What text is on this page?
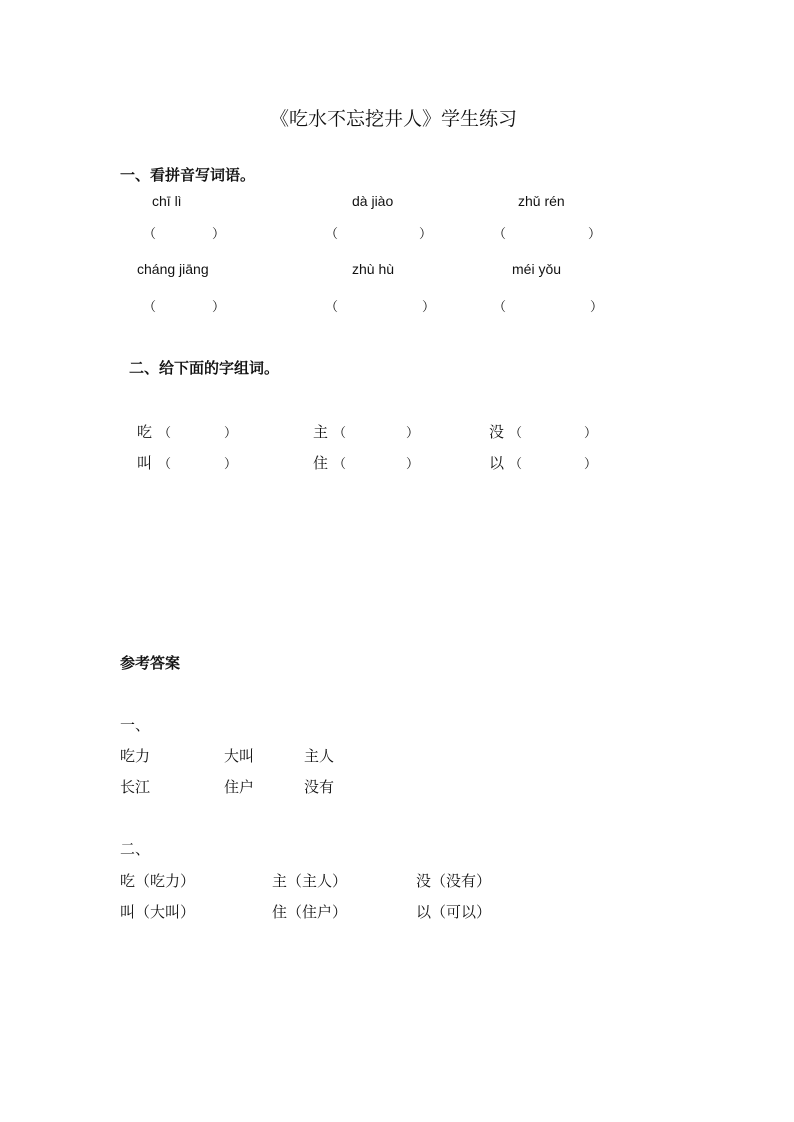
《吃水不忘挖井人》学生练习
一、看拼音写词语。
chī lì	dà jiào	zhǔ rén
（	）	（	）	（	）
cháng jiāng	zhù hù	méi yǒu
（	）	（	）	（	）
二、给下面的字组词。
吃 （	）	主 （	）	没 （	）
叫 （	）	住 （	）	以 （	）
参考答案
一、
吃力	大叫	主人
长江	住户	没有
二、
吃（吃力）	主（主人）	没（没有）
叫（大叫）	住（住户）	以（可以）
